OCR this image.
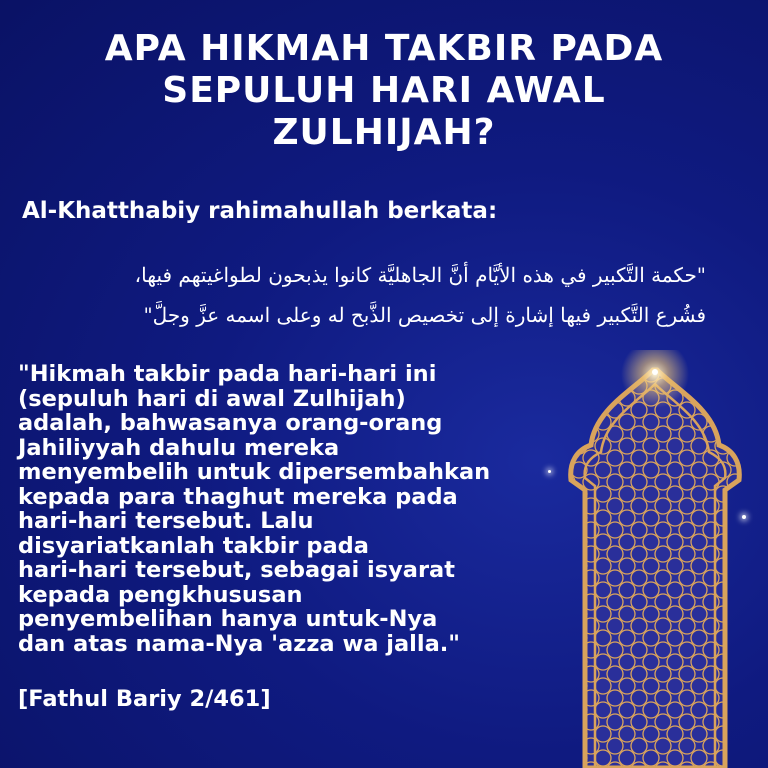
APA HIKMAH TAKBIR PADA
SEPULUH HARI AWAL
ZULHIJAH?
Al-Khatthabiy rahimahullah berkata:
"حكمة التَّكبير في هذه الأيَّام أنَّ الجاهليَّة كانوا يذبحون لطواغيتهم فيها،
فشُرع التَّكبير فيها إشارة إلى تخصيص الذَّبح له وعلى اسمه عزَّ وجلَّ"
"Hikmah takbir pada hari-hari ini
(sepuluh hari di awal Zulhijah)
adalah, bahwasanya orang-orang
Jahiliyyah dahulu mereka
menyembelih untuk dipersembahkan
kepada para thaghut mereka pada
hari-hari tersebut. Lalu
disyariatkanlah takbir pada
hari-hari tersebut, sebagai isyarat
kepada pengkhususan
penyembelihan hanya untuk-Nya
dan atas nama-Nya 'azza wa jalla."
[Fathul Bariy 2/461]
